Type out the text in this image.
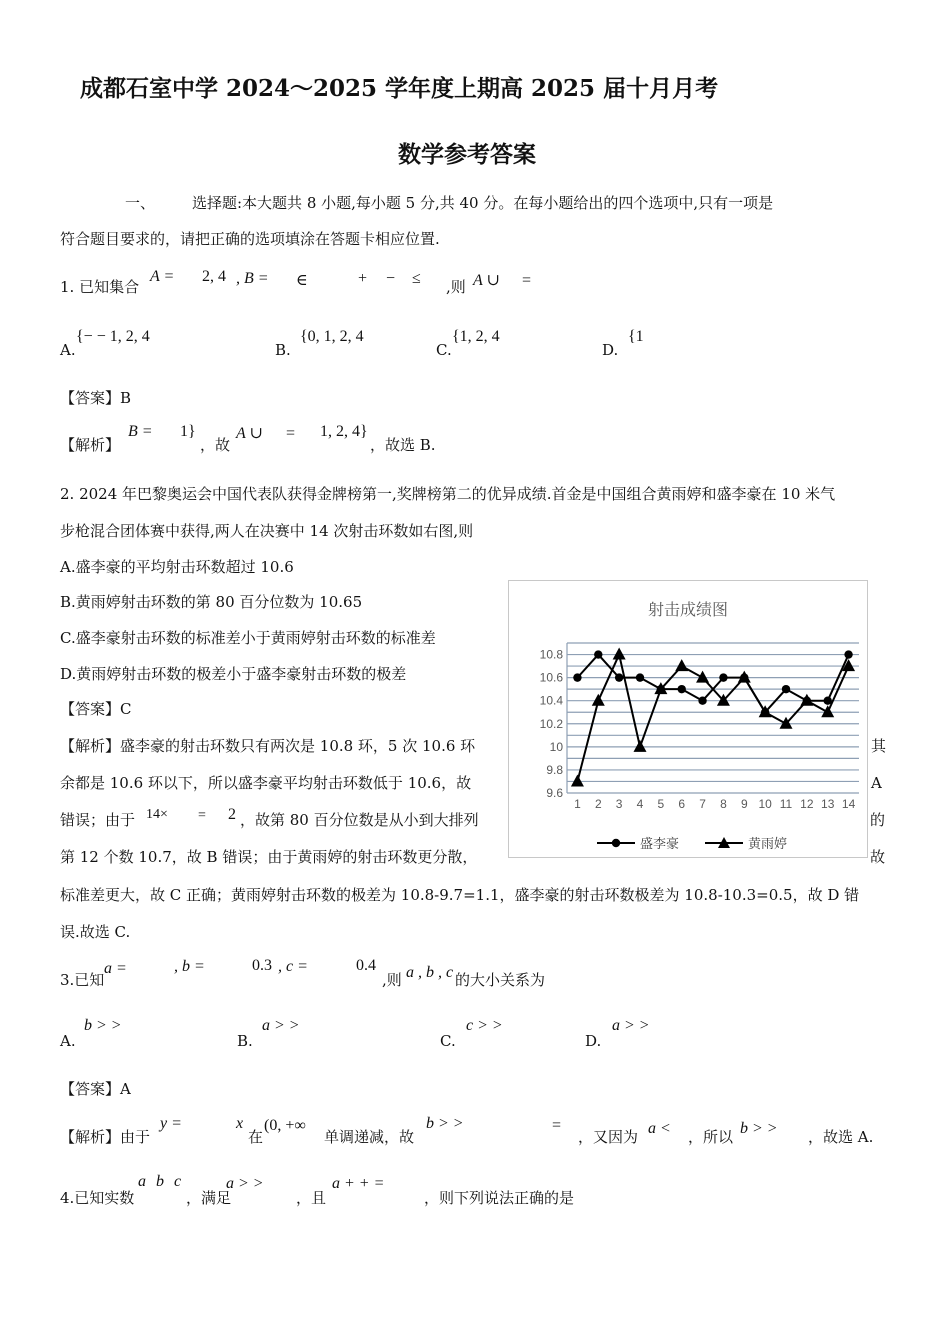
成都石室中学 2024～2025 学年度上期高 2025 届十月月考
数学参考答案
一、 选择题:本大题共 8 小题,每小题 5 分,共 40 分。在每小题给出的四个选项中,只有一项是
符合题目要求的，请把正确的选项填涂在答题卡相应位置.
1. 已知集合
A = 2, 4 , B = ∈	+ − ≤ ,则 A ∪ =
A.
{− − 1, 2, 4
B.
{0, 1, 2, 4
C.
{1, 2, 4
D.
{1
【答案】B
【解析】
B = 1}
，故
A ∪ = 1, 2, 4}
，故选 B.
2. 2024 年巴黎奥运会中国代表队获得金牌榜第一,奖牌榜第二的优异成绩.首金是中国组合黄雨婷和盛李豪在 10 米气
步枪混合团体赛中获得,两人在决赛中 14 次射击环数如右图,则
A.盛李豪的平均射击环数超过 10.6
B.黄雨婷射击环数的第 80 百分位数为 10.65
C.盛李豪射击环数的标准差小于黄雨婷射击环数的标准差
D.黄雨婷射击环数的极差小于盛李豪射击环数的极差
【答案】C
【解析】盛李豪的射击环数只有两次是 10.8 环，5 次 10.6 环	其
余都是 10.6 环以下，所以盛李豪平均射击环数低于 10.6，故	A
错误；由于 14× = 2 ，故第 80 百分位数是从小到大排列	的
第 12 个数 10.7，故 B 错误；由于黄雨婷的射击环数更分散，	故
标准差更大，故 C 正确；黄雨婷射击环数的极差为 10.8-9.7=1.1，盛李豪的射击环数极差为 10.8-10.3=0.5，故 D 错
误.故选 C.
射击成绩图
10.8
10.6
10.4
10.2
10
9.8
9.6
1 2 3 4 5 6 7 8 9 10 11 12 13 14
盛李豪	黄雨婷
3.已知
a =	, b =	0.3 , c =	0.4
,则 a , b , c 的大小关系为
A.
b > >
B.
a > >
C.
c > >
D.
a > >
【答案】A
【解析】由于
y =	x
在
(0, +∞
单调递减，故
b > >	=
，又因为 a < ，所以 b > > ，故选 A.
4.已知实数
a b c
，满足
a > >
，且
a + + =
，则下列说法正确的是
